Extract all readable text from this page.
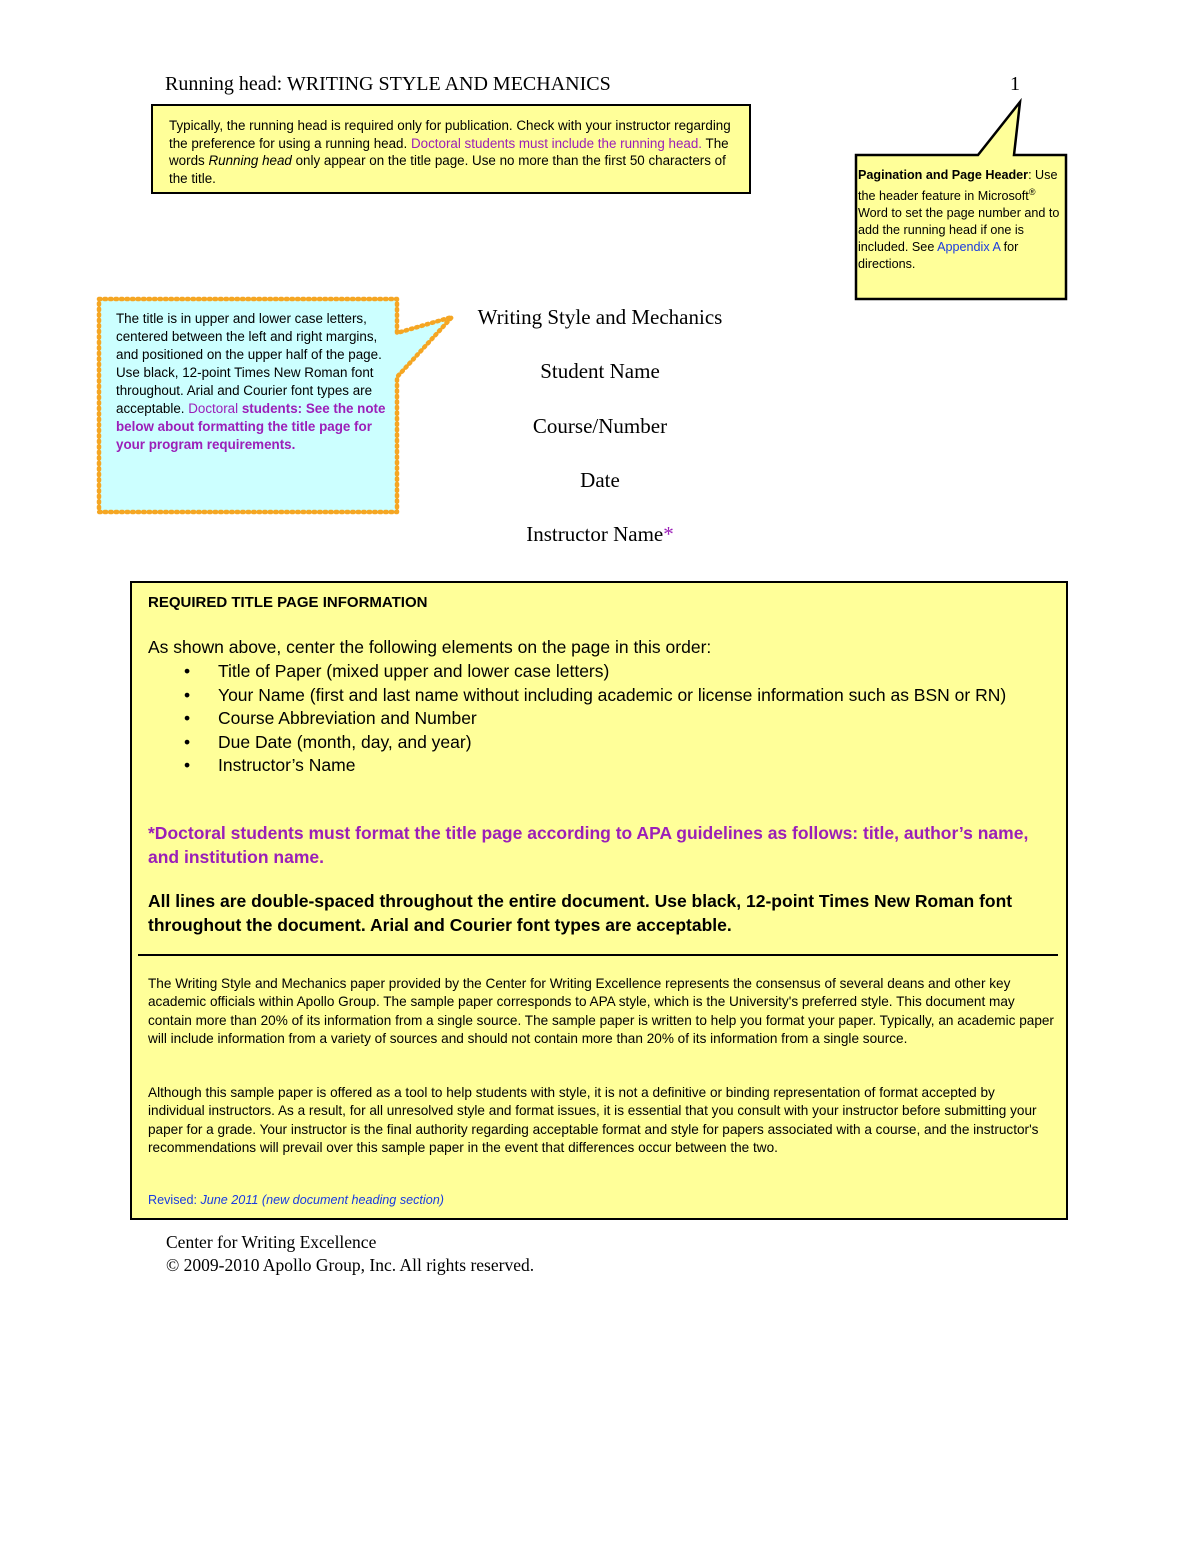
Running head: WRITING STYLE AND MECHANICS	1
Typically, the running head is required only for publication. Check with your instructor regarding the preference for using a running head. Doctoral students must include the running head. The words Running head only appear on the title page. Use no more than the first 50 characters of the title.	Pagination and Page Header: Use the header feature in Microsoft® Word to set the page number and to add the running head if one is included. See Appendix A for directions.
The title is in upper and lower case letters, centered between the left and right margins, and positioned on the upper half of the page. Use black, 12-point Times New Roman font throughout. Arial and Courier font types are acceptable. Doctoral students: See the note below about formatting the title page for your program requirements.
Writing Style and Mechanics
Student Name
Course/Number
Date
Instructor Name*
REQUIRED TITLE PAGE INFORMATION
As shown above, center the following elements on the page in this order:
• Title of Paper (mixed upper and lower case letters)
• Your Name (first and last name without including academic or license information such as BSN or RN)
• Course Abbreviation and Number
• Due Date (month, day, and year)
• Instructor’s Name
*Doctoral students must format the title page according to APA guidelines as follows: title, author’s name, and institution name.
All lines are double-spaced throughout the entire document. Use black, 12-point Times New Roman font throughout the document. Arial and Courier font types are acceptable.
The Writing Style and Mechanics paper provided by the Center for Writing Excellence represents the consensus of several deans and other key academic officials within Apollo Group. The sample paper corresponds to APA style, which is the University's preferred style. This document may contain more than 20% of its information from a single source. The sample paper is written to help you format your paper. Typically, an academic paper will include information from a variety of sources and should not contain more than 20% of its information from a single source.
Although this sample paper is offered as a tool to help students with style, it is not a definitive or binding representation of format accepted by individual instructors. As a result, for all unresolved style and format issues, it is essential that you consult with your instructor before submitting your paper for a grade. Your instructor is the final authority regarding acceptable format and style for papers associated with a course, and the instructor's recommendations will prevail over this sample paper in the event that differences occur between the two.
Revised: June 2011 (new document heading section)
Center for Writing Excellence
© 2009-2010 Apollo Group, Inc. All rights reserved.
